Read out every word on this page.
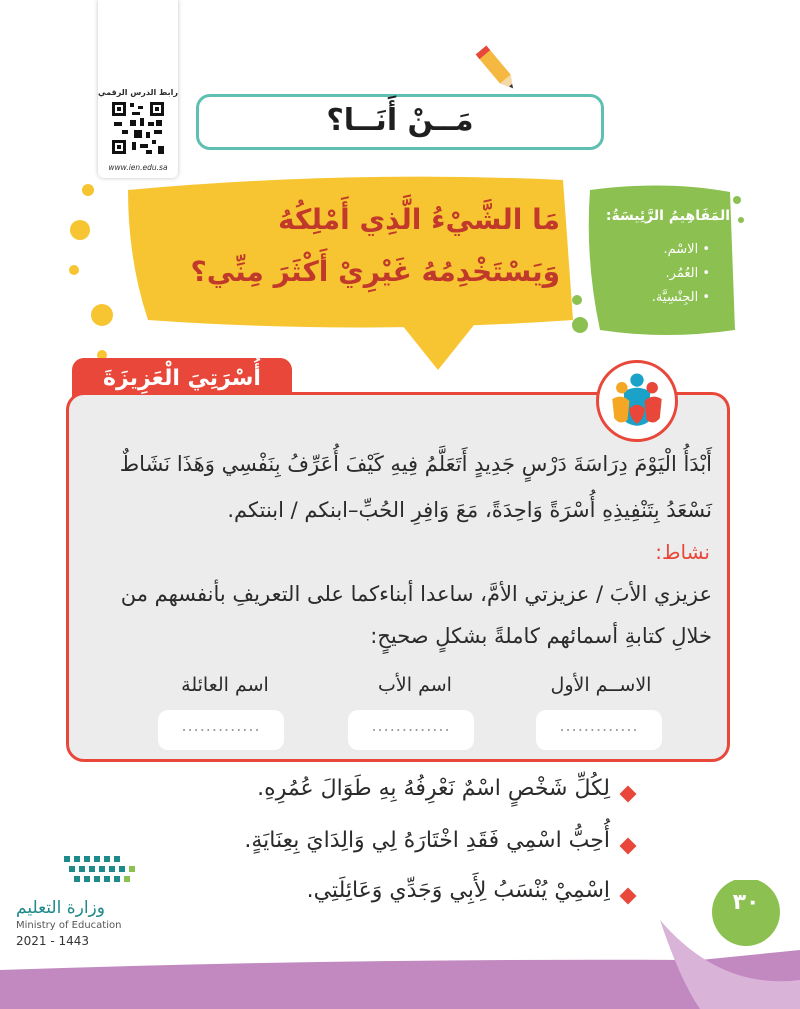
رابط الدرس الرقمي
www.ien.edu.sa
مَــنْ أَنَــا؟
مَا الشَّيْءُ الَّذِي أَمْلِكُهُ
وَيَسْتَخْدِمُهُ غَيْرِيْ أَكْثَرَ مِنِّي؟
المَفَاهِيمُ الرَّئِيسَةُ:
• الاسْم.
• العُمُر.
• الجِنْسِيَّة.
أُسْرَتِيَ الْعَزِيزَةَ
أَبْدَأُ الْيَوْمَ دِرَاسَةَ دَرْسٍ جَدِيدٍ أَتَعَلَّمُ فِيهِ كَيْفَ أُعَرِّفُ بِنَفْسِي وَهَذَا نَشَاطٌ
نَسْعَدُ بِتَنْفِيذِهِ أُسْرَةً وَاحِدَةً، مَعَ وَافِرِ الحُبِّ–ابنكم / ابنتكم.
نشاط:
عزيزي الأبَ / عزيزتي الأمَّ، ساعدا أبناءكما على التعريفِ بأنفسهم من
خلالِ كتابةِ أسمائهم كاملةً بشكلٍ صحيحٍ:
الاســم الأول
اسم الأب
اسم العائلة
.............
.............
.............
لِكُلِّ شَخْصٍ اسْمٌ نَعْرِفُهُ بِهِ طَوَالَ عُمُرِهِ.
أُحِبُّ اسْمِي فَقَدِ اخْتَارَهُ لِي وَالِدَايَ بِعِنَايَةٍ.
اِسْمِيْ يُنْسَبُ لِأَبِي وَجَدِّي وَعَائِلَتِي.
وزارة التعليم
Ministry of Education
2021 - 1443
٣٠
